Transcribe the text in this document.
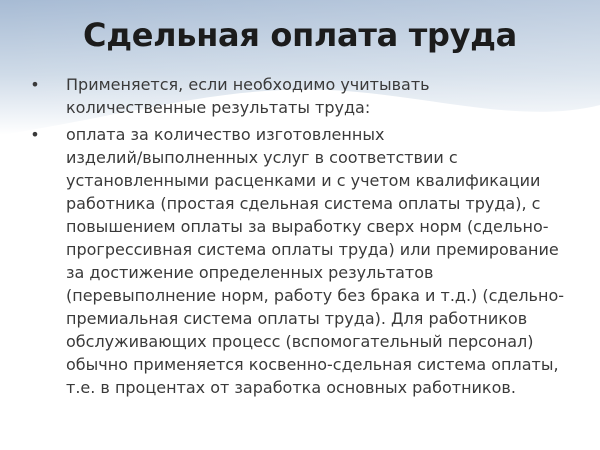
Сдельная оплата труда
• Применяется, если необходимо учитывать
количественные результаты труда:
• оплата за количество изготовленных
изделий/выполненных услуг в соответствии с
установленными расценками и с учетом квалификации
работника (простая сдельная система оплаты труда), с
повышением оплаты за выработку сверх норм (сдельно-
прогрессивная система оплаты труда) или премирование
за достижение определенных результатов
(перевыполнение норм, работу без брака и т.д.) (сдельно-
премиальная система оплаты труда). Для работников
обслуживающих процесс (вспомогательный персонал)
обычно применяется косвенно-сдельная система оплаты,
т.е. в процентах от заработка основных работников.
